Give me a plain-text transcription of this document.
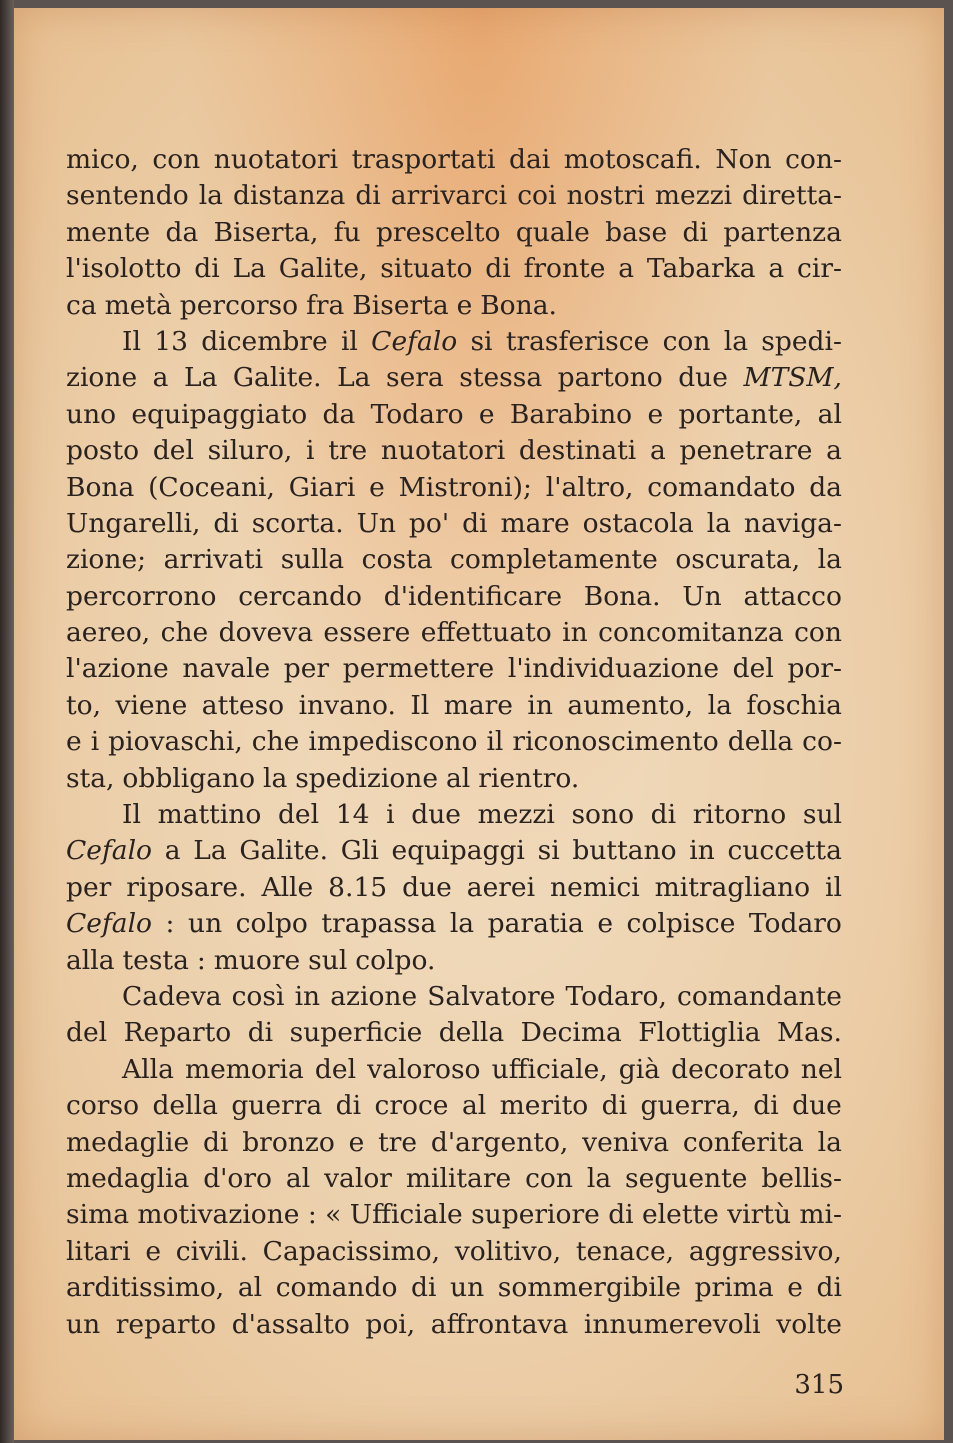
mico, con nuotatori trasportati dai motoscafi. Non con-
sentendo la distanza di arrivarci coi nostri mezzi diretta-
mente da Biserta, fu prescelto quale base di partenza
l'isolotto di La Galite, situato di fronte a Tabarka a cir-
ca metà percorso fra Biserta e Bona.
Il 13 dicembre il Cefalo si trasferisce con la spedi-
zione a La Galite. La sera stessa partono due MTSM,
uno equipaggiato da Todaro e Barabino e portante, al
posto del siluro, i tre nuotatori destinati a penetrare a
Bona (Coceani, Giari e Mistroni); l'altro, comandato da
Ungarelli, di scorta. Un po' di mare ostacola la naviga-
zione; arrivati sulla costa completamente oscurata, la
percorrono cercando d'identificare Bona. Un attacco
aereo, che doveva essere effettuato in concomitanza con
l'azione navale per permettere l'individuazione del por-
to, viene atteso invano. Il mare in aumento, la foschia
e i piovaschi, che impediscono il riconoscimento della co-
sta, obbligano la spedizione al rientro.
Il mattino del 14 i due mezzi sono di ritorno sul
Cefalo a La Galite. Gli equipaggi si buttano in cuccetta
per riposare. Alle 8.15 due aerei nemici mitragliano il
Cefalo : un colpo trapassa la paratia e colpisce Todaro
alla testa : muore sul colpo.
Cadeva così in azione Salvatore Todaro, comandante
del Reparto di superficie della Decima Flottiglia Mas.
Alla memoria del valoroso ufficiale, già decorato nel
corso della guerra di croce al merito di guerra, di due
medaglie di bronzo e tre d'argento, veniva conferita la
medaglia d'oro al valor militare con la seguente bellis-
sima motivazione : « Ufficiale superiore di elette virtù mi-
litari e civili. Capacissimo, volitivo, tenace, aggressivo,
arditissimo, al comando di un sommergibile prima e di
un reparto d'assalto poi, affrontava innumerevoli volte
315
